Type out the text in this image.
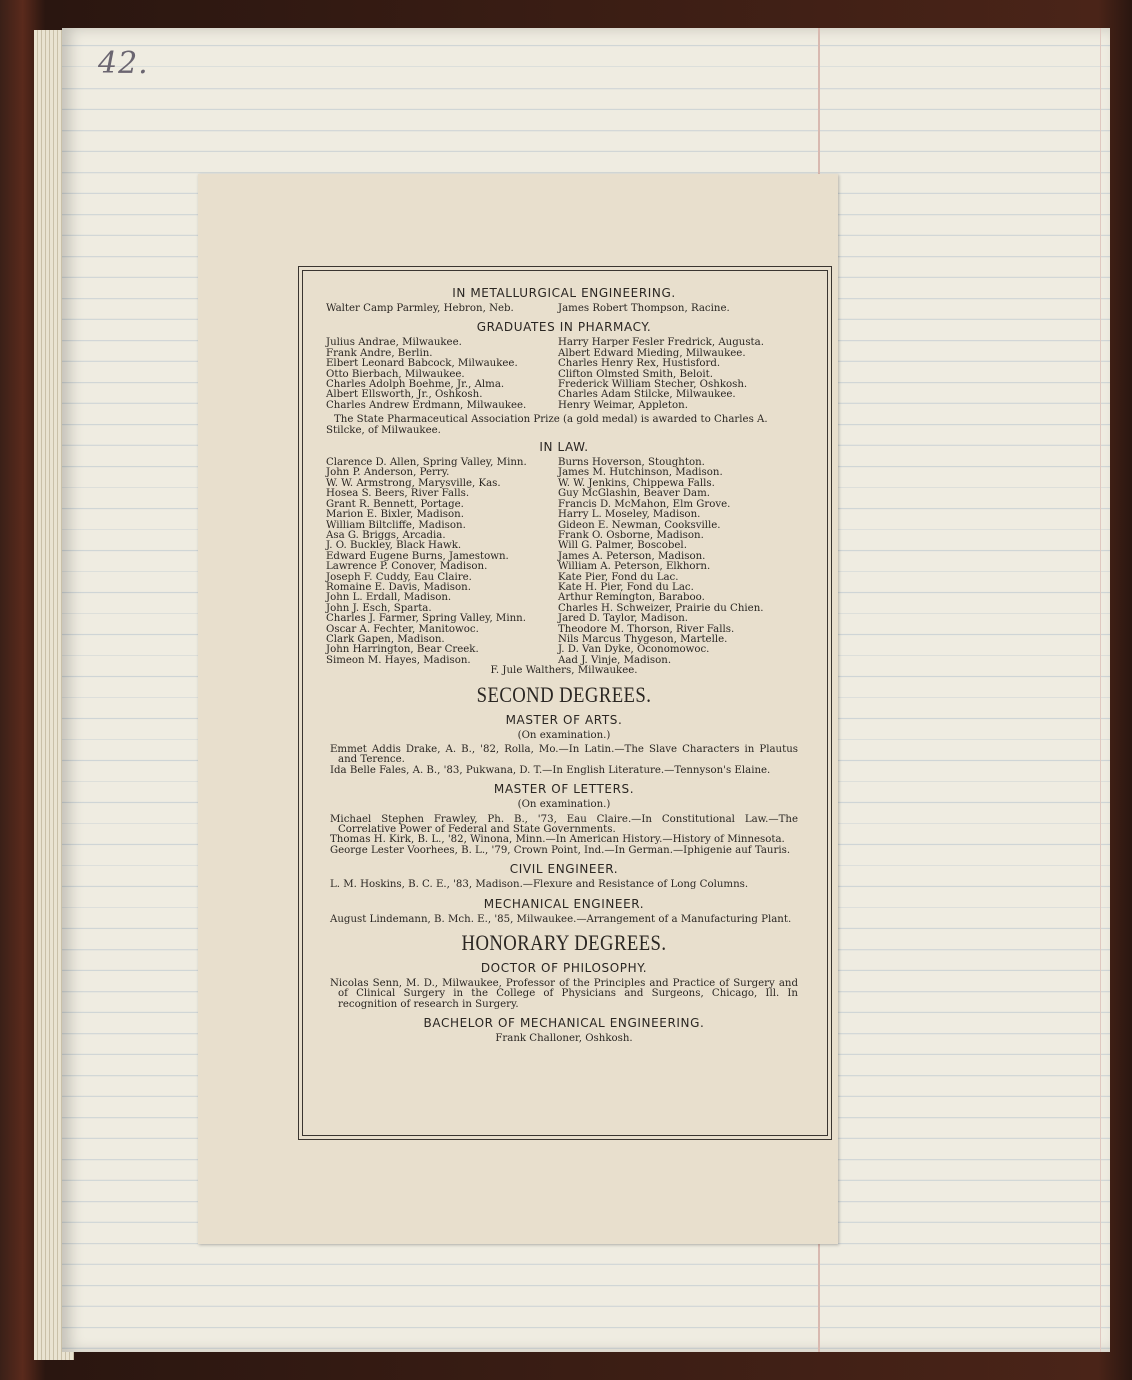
42.
IN METALLURGICAL ENGINEERING.
Walter Camp Parmley, Hebron, Neb.	James Robert Thompson, Racine.
GRADUATES IN PHARMACY.
Julius Andrae, Milwaukee.
Frank Andre, Berlin.
Elbert Leonard Babcock, Milwaukee.
Otto Bierbach, Milwaukee.
Charles Adolph Boehme, Jr., Alma.
Albert Ellsworth, Jr., Oshkosh.
Charles Andrew Erdmann, Milwaukee.
Harry Harper Fesler Fredrick, Augusta.
Albert Edward Mieding, Milwaukee.
Charles Henry Rex, Hustisford.
Clifton Olmsted Smith, Beloit.
Frederick William Stecher, Oshkosh.
Charles Adam Stilcke, Milwaukee.
Henry Weimar, Appleton.
The State Pharmaceutical Association Prize (a gold medal) is awarded to Charles A. Stilcke, of Milwaukee.
IN LAW.
Clarence D. Allen, Spring Valley, Minn.
John P. Anderson, Perry.
W. W. Armstrong, Marysville, Kas.
Hosea S. Beers, River Falls.
Grant R. Bennett, Portage.
Marion E. Bixler, Madison.
William Biltcliffe, Madison.
Asa G. Briggs, Arcadia.
J. O. Buckley, Black Hawk.
Edward Eugene Burns, Jamestown.
Lawrence P. Conover, Madison.
Joseph F. Cuddy, Eau Claire.
Romaine E. Davis, Madison.
John L. Erdall, Madison.
John J. Esch, Sparta.
Charles J. Farmer, Spring Valley, Minn.
Oscar A. Fechter, Manitowoc.
Clark Gapen, Madison.
John Harrington, Bear Creek.
Simeon M. Hayes, Madison.
Burns Hoverson, Stoughton.
James M. Hutchinson, Madison.
W. W. Jenkins, Chippewa Falls.
Guy McGlashin, Beaver Dam.
Francis D. McMahon, Elm Grove.
Harry L. Moseley, Madison.
Gideon E. Newman, Cooksville.
Frank O. Osborne, Madison.
Will G. Palmer, Boscobel.
James A. Peterson, Madison.
William A. Peterson, Elkhorn.
Kate Pier, Fond du Lac.
Kate H. Pier, Fond du Lac.
Arthur Remington, Baraboo.
Charles H. Schweizer, Prairie du Chien.
Jared D. Taylor, Madison.
Theodore M. Thorson, River Falls.
Nils Marcus Thygeson, Martelle.
J. D. Van Dyke, Oconomowoc.
Aad J. Vinje, Madison.
F. Jule Walthers, Milwaukee.
SECOND DEGREES.
MASTER OF ARTS.
(On examination.)
Emmet Addis Drake, A. B., '82, Rolla, Mo.—In Latin.—The Slave Characters in Plautus and Terence.
Ida Belle Fales, A. B., '83, Pukwana, D. T.—In English Literature.—Tennyson's Elaine.
MASTER OF LETTERS.
(On examination.)
Michael Stephen Frawley, Ph. B., '73, Eau Claire.—In Constitutional Law.—The Correlative Power of Federal and State Governments.
Thomas H. Kirk, B. L., '82, Winona, Minn.—In American History.—History of Minnesota.
George Lester Voorhees, B. L., '79, Crown Point, Ind.—In German.—Iphigenie auf Tauris.
CIVIL ENGINEER.
L. M. Hoskins, B. C. E., '83, Madison.—Flexure and Resistance of Long Columns.
MECHANICAL ENGINEER.
August Lindemann, B. Mch. E., '85, Milwaukee.—Arrangement of a Manufacturing Plant.
HONORARY DEGREES.
DOCTOR OF PHILOSOPHY.
Nicolas Senn, M. D., Milwaukee, Professor of the Principles and Practice of Surgery and of Clinical Surgery in the College of Physicians and Surgeons, Chicago, Ill. In recognition of research in Surgery.
BACHELOR OF MECHANICAL ENGINEERING.
Frank Challoner, Oshkosh.
